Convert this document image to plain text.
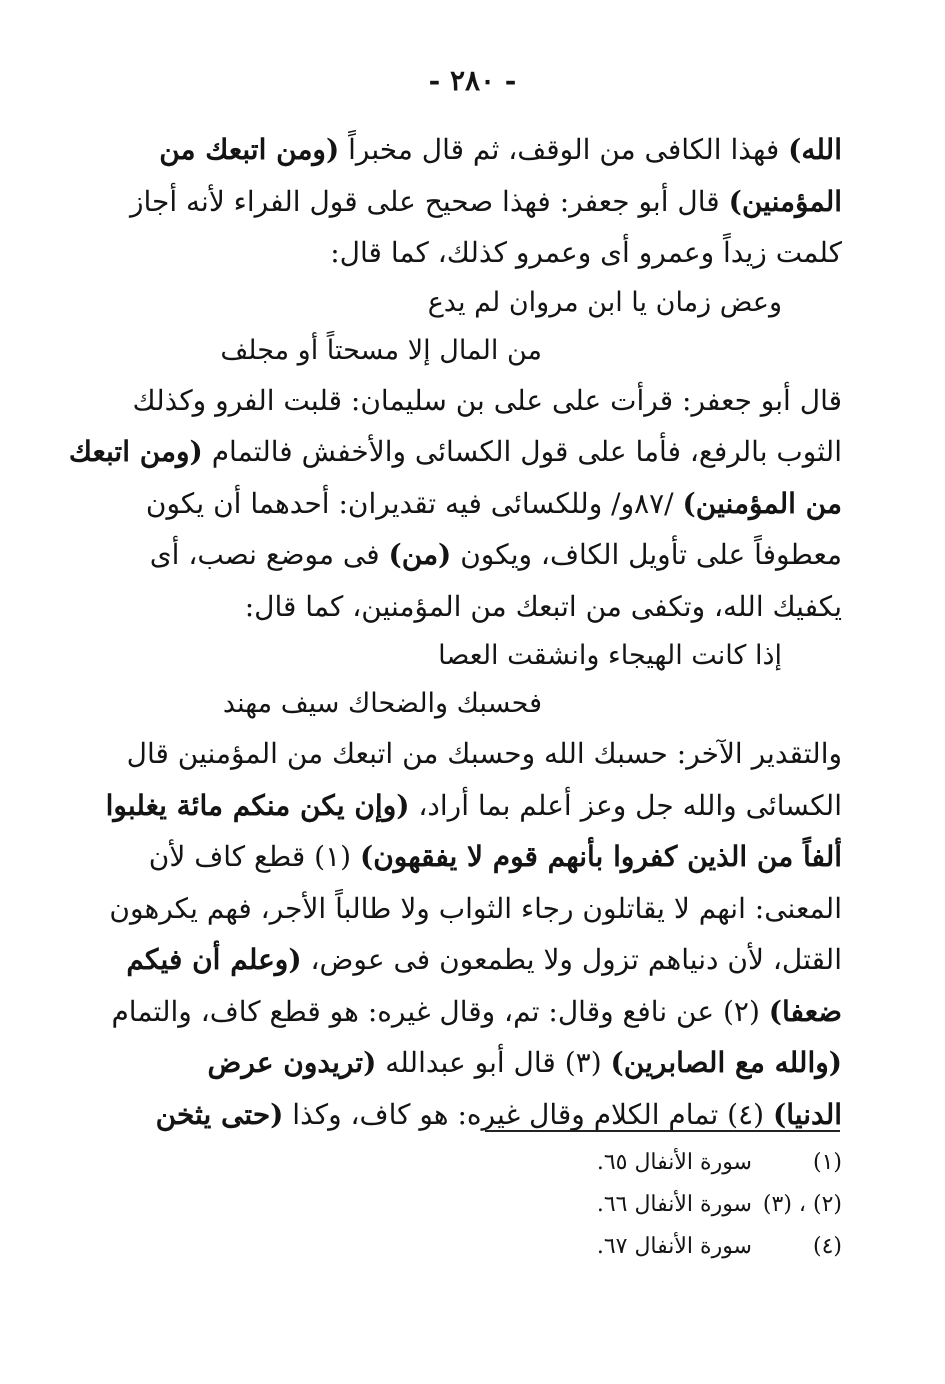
- ٢٨٠ -
الله) فهذا الكافى من الوقف، ثم قال مخبراً (ومن اتبعك من
المؤمنين) قال أبو جعفر: فهذا صحيح على قول الفراء لأنه أجاز
كلمت زيداً وعمرو أى وعمرو كذلك، كما قال:
وعض زمان يا ابن مروان لم يدع
من المال إلا مسحتاً أو مجلف
قال أبو جعفر: قرأت على على بن سليمان: قلبت الفرو وكذلك
الثوب بالرفع، فأما على قول الكسائى والأخفش فالتمام (ومن اتبعك
من المؤمنين) /٨٧و/ وللكسائى فيه تقديران: أحدهما أن يكون
معطوفاً على تأويل الكاف، ويكون (من) فى موضع نصب، أى
يكفيك الله، وتكفى من اتبعك من المؤمنين، كما قال:
إذا كانت الهيجاء وانشقت العصا
فحسبك والضحاك سيف مهند
والتقدير الآخر: حسبك الله وحسبك من اتبعك من المؤمنين قال
الكسائى والله جل وعز أعلم بما أراد، (وإن يكن منكم مائة يغلبوا
ألفاً من الذين كفروا بأنهم قوم لا يفقهون) (١) قطع كاف لأن
المعنى: انهم لا يقاتلون رجاء الثواب ولا طالباً الأجر، فهم يكرهون
القتل، لأن دنياهم تزول ولا يطمعون فى عوض، (وعلم أن فيكم
ضعفا) (٢) عن نافع وقال: تم، وقال غيره: هو قطع كاف، والتمام
(والله مع الصابرين) (٣) قال أبو عبدالله (تريدون عرض
الدنيا) (٤) تمام الكلام وقال غيره: هو كاف، وكذا (حتى يثخن
(١)
سورة الأنفال ٦٥.
(٢) ، (٣)
سورة الأنفال ٦٦.
(٤)
سورة الأنفال ٦٧.
